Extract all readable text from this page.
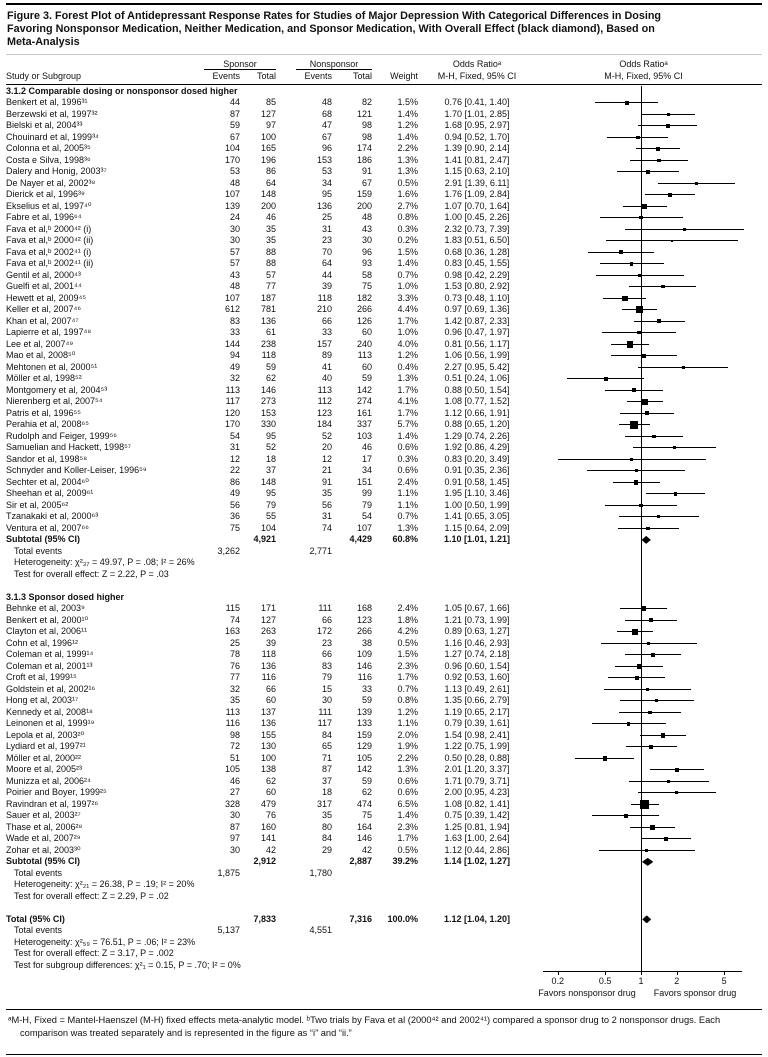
Figure 3. Forest Plot of Antidepressant Response Rates for Studies of Major Depression With Categorical Differences in Dosing
Favoring Nonsponsor Medication, Neither Medication, and Sponsor Medication, With Overall Effect (black diamond), Based on
Meta-Analysis
Sponsor	Nonsponsor	Odds Ratioᵃ	Odds Ratioᵃ
Study or Subgroup	Events	Total	Events	Total	Weight	M-H, Fixed, 95% CI	M-H, Fixed, 95% CI
3.1.2 Comparable dosing or nonsponsor dosed higher
Benkert et al, 1996³¹	44	85	48	82	1.5%	0.76 [0.41, 1.40]
Berzewski et al, 1997³²	87	127	68	121	1.4%	1.70 [1.01, 2.85]
Bielski et al, 2004³³	59	97	47	98	1.2%	1.68 [0.95, 2.97]
Chouinard et al, 1999³⁴	67	100	67	98	1.4%	0.94 [0.52, 1.70]
Colonna et al, 2005³⁵	104	165	96	174	2.2%	1.39 [0.90, 2.14]
Costa e Silva, 1998³⁶	170	196	153	186	1.3%	1.41 [0.81, 2.47]
Dalery and Honig, 2003³⁷	53	86	53	91	1.3%	1.15 [0.63, 2.10]
De Nayer et al, 2002³⁸	48	64	34	67	0.5%	2.91 [1.39, 6.11]
Dierick et al, 1996³⁹	107	148	95	159	1.6%	1.76 [1.09, 2.84]
Ekselius et al, 1997⁴⁰	139	200	136	200	2.7%	1.07 [0.70, 1.64]
Fabre et al, 1996⁶⁴	24	46	25	48	0.8%	1.00 [0.45, 2.26]
Fava et al,ᵇ 2000⁴² (i)	30	35	31	43	0.3%	2.32 [0.73, 7.39]
Fava et al,ᵇ 2000⁴² (ii)	30	35	23	30	0.2%	1.83 [0.51, 6.50]
Fava et al,ᵇ 2002⁴¹ (i)	57	88	70	96	1.5%	0.68 [0.36, 1.28]
Fava et al,ᵇ 2002⁴¹ (ii)	57	88	64	93	1.4%	0.83 [0.45, 1.55]
Gentil et al, 2000⁴³	43	57	44	58	0.7%	0.98 [0.42, 2.29]
Guelfi et al, 2001⁴⁴	48	77	39	75	1.0%	1.53 [0.80, 2.92]
Hewett et al, 2009⁴⁵	107	187	118	182	3.3%	0.73 [0.48, 1.10]
Keller et al, 2007⁴⁶	612	781	210	266	4.4%	0.97 [0.69, 1.36]
Khan et al, 2007⁴⁷	83	136	66	126	1.7%	1.42 [0.87, 2.33]
Lapierre et al, 1997⁴⁸	33	61	33	60	1.0%	0.96 [0.47, 1.97]
Lee et al, 2007⁴⁹	144	238	157	240	4.0%	0.81 [0.56, 1.17]
Mao et al, 2008⁵⁰	94	118	89	113	1.2%	1.06 [0.56, 1.99]
Mehtonen et al, 2000⁵¹	49	59	41	60	0.4%	2.27 [0.95, 5.42]
Möller et al, 1998⁵²	32	62	40	59	1.3%	0.51 [0.24, 1.06]
Montgomery et al, 2004⁵³	113	146	113	142	1.7%	0.88 [0.50, 1.54]
Nierenberg et al, 2007⁵⁴	117	273	112	274	4.1%	1.08 [0.77, 1.52]
Patris et al, 1996⁵⁵	120	153	123	161	1.7%	1.12 [0.66, 1.91]
Perahia et al, 2008⁶⁵	170	330	184	337	5.7%	0.88 [0.65, 1.20]
Rudolph and Feiger, 1999⁵⁶	54	95	52	103	1.4%	1.29 [0.74, 2.26]
Samuelian and Hackett, 1998⁵⁷	31	52	20	46	0.6%	1.92 [0.86, 4.29]
Sandor et al, 1998⁵⁸	12	18	12	17	0.3%	0.83 [0.20, 3.49]
Schnyder and Koller-Leiser, 1996⁵⁹	22	37	21	34	0.6%	0.91 [0.35, 2.36]
Sechter et al, 2004⁶⁰	86	148	91	151	2.4%	0.91 [0.58, 1.45]
Sheehan et al, 2009⁶¹	49	95	35	99	1.1%	1.95 [1.10, 3.46]
Sir et al, 2005⁶²	56	79	56	79	1.1%	1.00 [0.50, 1.99]
Tzanakaki et al, 2000⁶³	36	55	31	54	0.7%	1.41 [0.65, 3.05]
Ventura et al, 2007⁶⁶	75	104	74	107	1.3%	1.15 [0.64, 2.09]
Subtotal (95% CI)	4,921	4,429	60.8%	1.10 [1.01, 1.21]
Total events	3,262	2,771
Heterogeneity: χ²₃₇ = 49.97, P = .08; I² = 26%
Test for overall effect: Z = 2.22, P = .03
3.1.3 Sponsor dosed higher
Behnke et al, 2003⁹	115	171	111	168	2.4%	1.05 [0.67, 1.66]
Benkert et al, 2000¹⁰	74	127	66	123	1.8%	1.21 [0.73, 1.99]
Clayton et al, 2006¹¹	163	263	172	266	4.2%	0.89 [0.63, 1.27]
Cohn et al, 1996¹²	25	39	23	38	0.5%	1.16 [0.46, 2.93]
Coleman et al, 1999¹⁴	78	118	66	109	1.5%	1.27 [0.74, 2.18]
Coleman et al, 2001¹³	76	136	83	146	2.3%	0.96 [0.60, 1.54]
Croft et al, 1999¹⁵	77	116	79	116	1.7%	0.92 [0.53, 1.60]
Goldstein et al, 2002¹⁶	32	66	15	33	0.7%	1.13 [0.49, 2.61]
Hong et al, 2003¹⁷	35	60	30	59	0.8%	1.35 [0.66, 2.79]
Kennedy et al, 2008¹⁸	113	137	111	139	1.2%	1.19 [0.65, 2.17]
Leinonen et al, 1999¹⁹	116	136	117	133	1.1%	0.79 [0.39, 1.61]
Lepola et al, 2003²⁰	98	155	84	159	2.0%	1.54 [0.98, 2.41]
Lydiard et al, 1997²¹	72	130	65	129	1.9%	1.22 [0.75, 1.99]
Möller et al, 2000²²	51	100	71	105	2.2%	0.50 [0.28, 0.88]
Moore et al, 2005²³	105	138	87	142	1.3%	2.01 [1.20, 3.37]
Munizza et al, 2006²⁴	46	62	37	59	0.6%	1.71 [0.79, 3.71]
Poirier and Boyer, 1999²⁵	27	60	18	62	0.6%	2.00 [0.95, 4.23]
Ravindran et al, 1997²⁶	328	479	317	474	6.5%	1.08 [0.82, 1.41]
Sauer et al, 2003²⁷	30	76	35	75	1.4%	0.75 [0.39, 1.42]
Thase et al, 2006²⁸	87	160	80	164	2.3%	1.25 [0.81, 1.94]
Wade et al, 2007²⁹	97	141	84	146	1.7%	1.63 [1.00, 2.64]
Zohar et al, 2003³⁰	30	42	29	42	0.5%	1.12 [0.44, 2.86]
Subtotal (95% CI)	2,912	2,887	39.2%	1.14 [1.02, 1.27]
Total events	1,875	1,780
Heterogeneity: χ²₂₁ = 26.38, P = .19; I² = 20%
Test for overall effect: Z = 2.29, P = .02
Total (95% CI)	7,833	7,316	100.0%	1.12 [1.04, 1.20]
Total events	5,137	4,551
Heterogeneity: χ²₅₉ = 76.51, P = .06; I² = 23%
Test for overall effect: Z = 3.17, P = .002
Test for subgroup differences: χ²₁ = 0.15, P = .70; I² = 0%
0.2	0.5	1	2	5
Favors nonsponsor drug	Favors sponsor drug
ᵃM-H, Fixed = Mantel-Haenszel (M-H) fixed effects meta-analytic model. ᵇTwo trials by Fava et al (2000⁴² and 2002⁴¹) compared a sponsor drug to 2 nonsponsor drugs. Each comparison was treated separately and is represented in the figure as “i” and “ii.”
